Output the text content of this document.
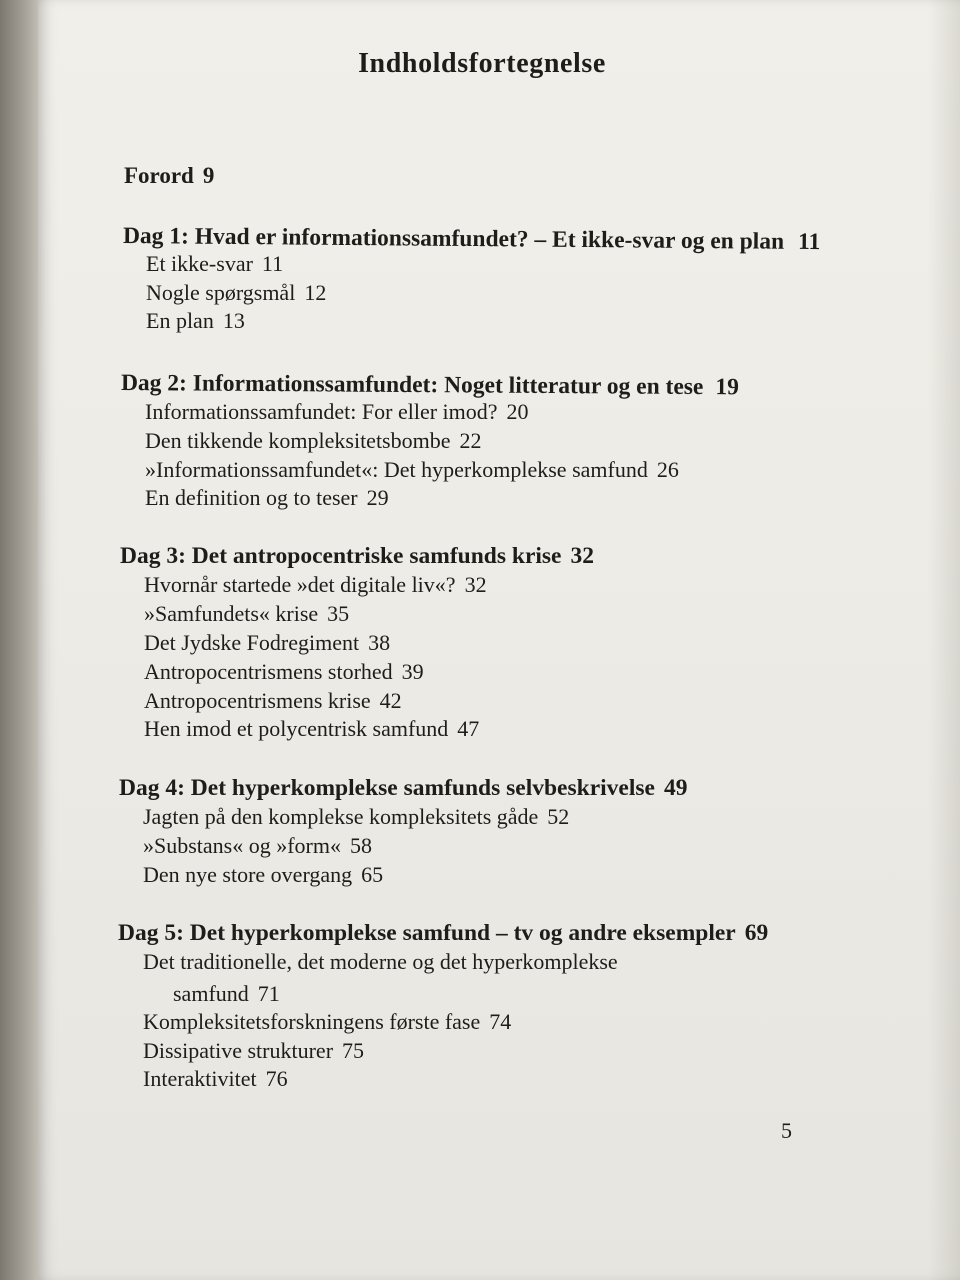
Indholdsfortegnelse
Forord 9
Dag 1: Hvad er informationssamfundet? – Et ikke-svar og en plan 11
Et ikke-svar 11
Nogle spørgsmål 12
En plan 13
Dag 2: Informationssamfundet: Noget litteratur og en tese 19
Informationssamfundet: For eller imod? 20
Den tikkende kompleksitetsbombe 22
»Informationssamfundet«: Det hyperkomplekse samfund 26
En definition og to teser 29
Dag 3: Det antropocentriske samfunds krise 32
Hvornår startede »det digitale liv«? 32
»Samfundets« krise 35
Det Jydske Fodregiment 38
Antropocentrismens storhed 39
Antropocentrismens krise 42
Hen imod et polycentrisk samfund 47
Dag 4: Det hyperkomplekse samfunds selvbeskrivelse 49
Jagten på den komplekse kompleksitets gåde 52
»Substans« og »form« 58
Den nye store overgang 65
Dag 5: Det hyperkomplekse samfund – tv og andre eksempler 69
Det traditionelle, det moderne og det hyperkomplekse
samfund 71
Kompleksitetsforskningens første fase 74
Dissipative strukturer 75
Interaktivitet 76
5
